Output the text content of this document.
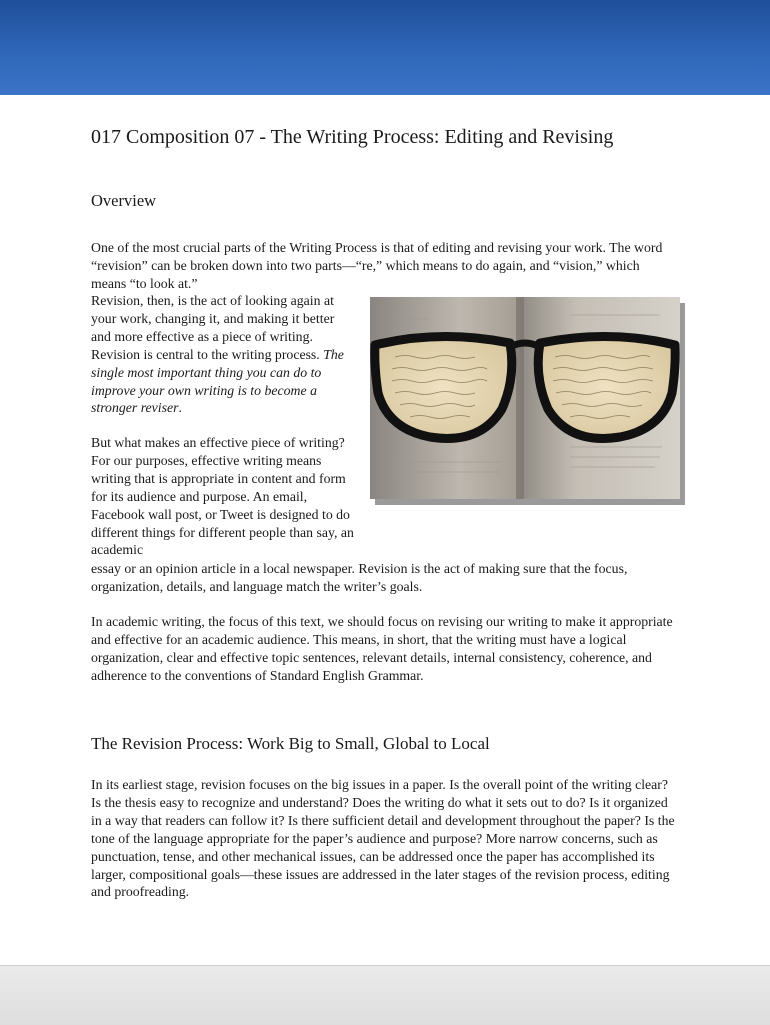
017 Composition 07 - The Writing Process: Editing and Revising
Overview

One of the most crucial parts of the Writing Process is that of editing and revising your work. The word “revision” can be broken down into two parts—“re,” which means to do again, and “vision,” which means “to look at.”

Revision, then, is the act of looking again at your work, changing it, and making it better and more effective as a piece of writing. Revision is central to the writing process. The single most important thing you can do to improve your own writing is to become a stronger reviser.

But what makes an effective piece of writing? For our purposes, effective writing means writing that is appropriate in content and form for its audience and purpose. An email, Facebook wall post, or Tweet is designed to do different things for different people than say, an academic

essay or an opinion article in a local newspaper. Revision is the act of making sure that the focus, organization, details, and language match the writer’s goals.

In academic writing, the focus of this text, we should focus on revising our writing to make it appropriate and effective for an academic audience. This means, in short, that the writing must have a logical organization, clear and effective topic sentences, relevant details, internal consistency, coherence, and adherence to the conventions of Standard English Grammar.

The Revision Process: Work Big to Small, Global to Local

In its earliest stage, revision focuses on the big issues in a paper. Is the overall point of the writing clear? Is the thesis easy to recognize and understand? Does the writing do what it sets out to do? Is it organized in a way that readers can follow it? Is there sufficient detail and development throughout the paper? Is the tone of the language appropriate for the paper’s audience and purpose? More narrow concerns, such as punctuation, tense, and other mechanical issues, can be addressed once the paper has accomplished its larger, compositional goals—these issues are addressed in the later stages of the revision process, editing and proofreading.
